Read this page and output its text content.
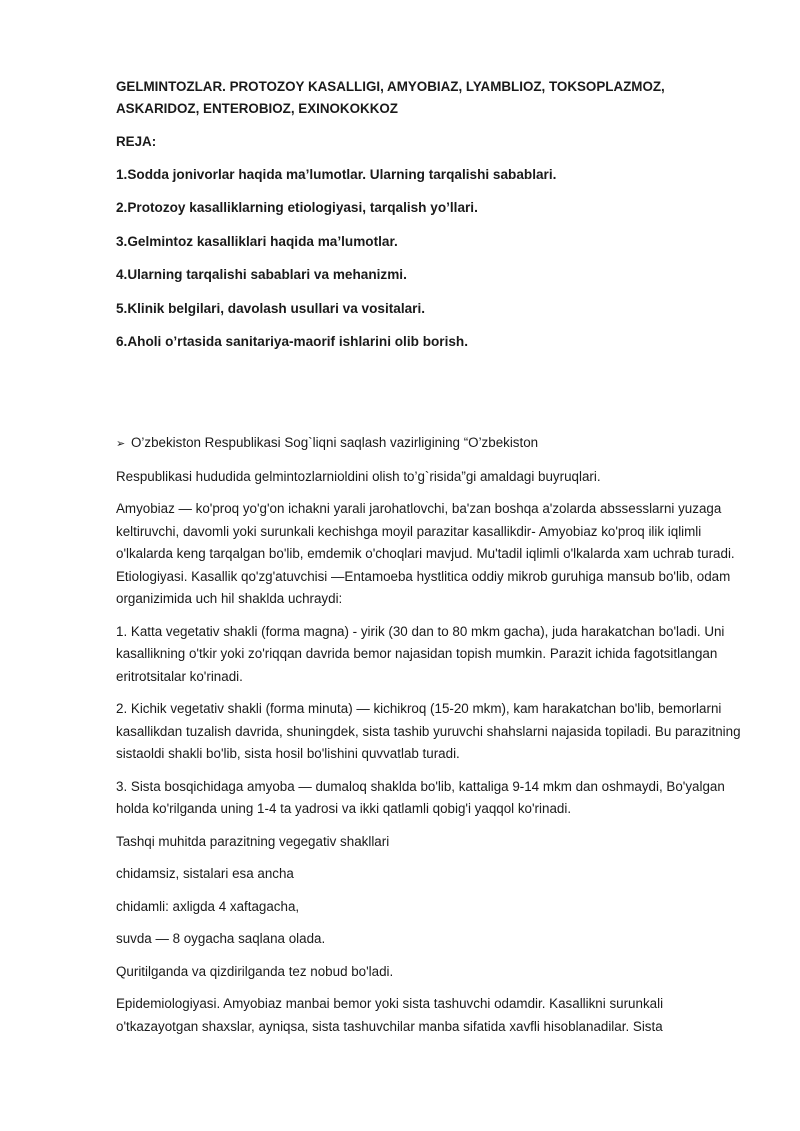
GELMINTOZLAR. PROTOZOY KASALLIGI, AMYOBIAZ, LYAMBLIOZ, TOKSOPLAZMOZ, ASKARIDOZ, ENTEROBIOZ, EXINOKOKKOZ
REJA:
1.Sodda jonivorlar haqida ma’lumotlar. Ularning tarqalishi sabablari.
2.Protozoy kasalliklarning etiologiyasi, tarqalish yo’llari.
3.Gelmintoz kasalliklari haqida ma’lumotlar.
4.Ularning tarqalishi sabablari va mehanizmi.
5.Klinik belgilari, davolash usullari va vositalari.
6.Aholi o’rtasida sanitariya-maorif ishlarini olib borish.

➢ O’zbekiston Respublikasi Sog`liqni saqlash vazirligining “O’zbekiston

Respublikasi hududida gelmintozlarnioldini olish to’g`risida”gi amaldagi buyruqlari.

Amyobiaz — ko'proq yo'g'on ichakni yarali jarohatlovchi, ba'zan boshqa a'zolarda abssesslarni yuzaga keltiruvchi, davomli yoki surunkali kechishga moyil parazitar kasallikdir- Amyobiaz ko'proq ilik iqlimli o'lkalarda keng tarqalgan bo'lib, emdemik o'choqlari mavjud. Mu'tadil iqlimli o'lkalarda xam uchrab turadi. Etiologiyasi. Kasallik qo'zg'atuvchisi —Entamoeba hystlitica oddiy mikrob guruhiga mansub bo'lib, odam organizimida uch hil shaklda uchraydi:

1. Katta vegetativ shakli (forma magna) - yirik (30 dan to 80 mkm gacha), juda harakatchan bo'ladi. Uni kasallikning o'tkir yoki zo'riqqan davrida bemor najasidan topish mumkin. Parazit ichida fagotsitlangan eritrotsitalar ko'rinadi.

2. Kichik vegetativ shakli (forma minuta) — kichikroq (15-20 mkm), kam harakatchan bo'lib, bemorlarni kasallikdan tuzalish davrida, shuningdek, sista tashib yuruvchi shahslarni najasida topiladi. Bu parazitning sistaoldi shakli bo'lib, sista hosil bo'lishini quvvatlab turadi.

3. Sista bosqichidaga amyoba — dumaloq shaklda bo'lib, kattaliga 9-14 mkm dan oshmaydi, Bo'yalgan holda ko'rilganda uning 1-4 ta yadrosi va ikki qatlamli qobig'i yaqqol ko'rinadi.

Tashqi muhitda parazitning vegegativ shakllari

chidamsiz, sistalari esa ancha

chidamli: axligda 4 xaftagacha,

suvda — 8 oygacha saqlana olada.

Quritilganda va qizdirilganda tez nobud bo'ladi.

Epidemiologiyasi. Amyobiaz manbai bemor yoki sista tashuvchi odamdir. Kasallikni surunkali o'tkazayotgan shaxslar, ayniqsa, sista tashuvchilar manba sifatida xavfli hisoblanadilar. Sista
